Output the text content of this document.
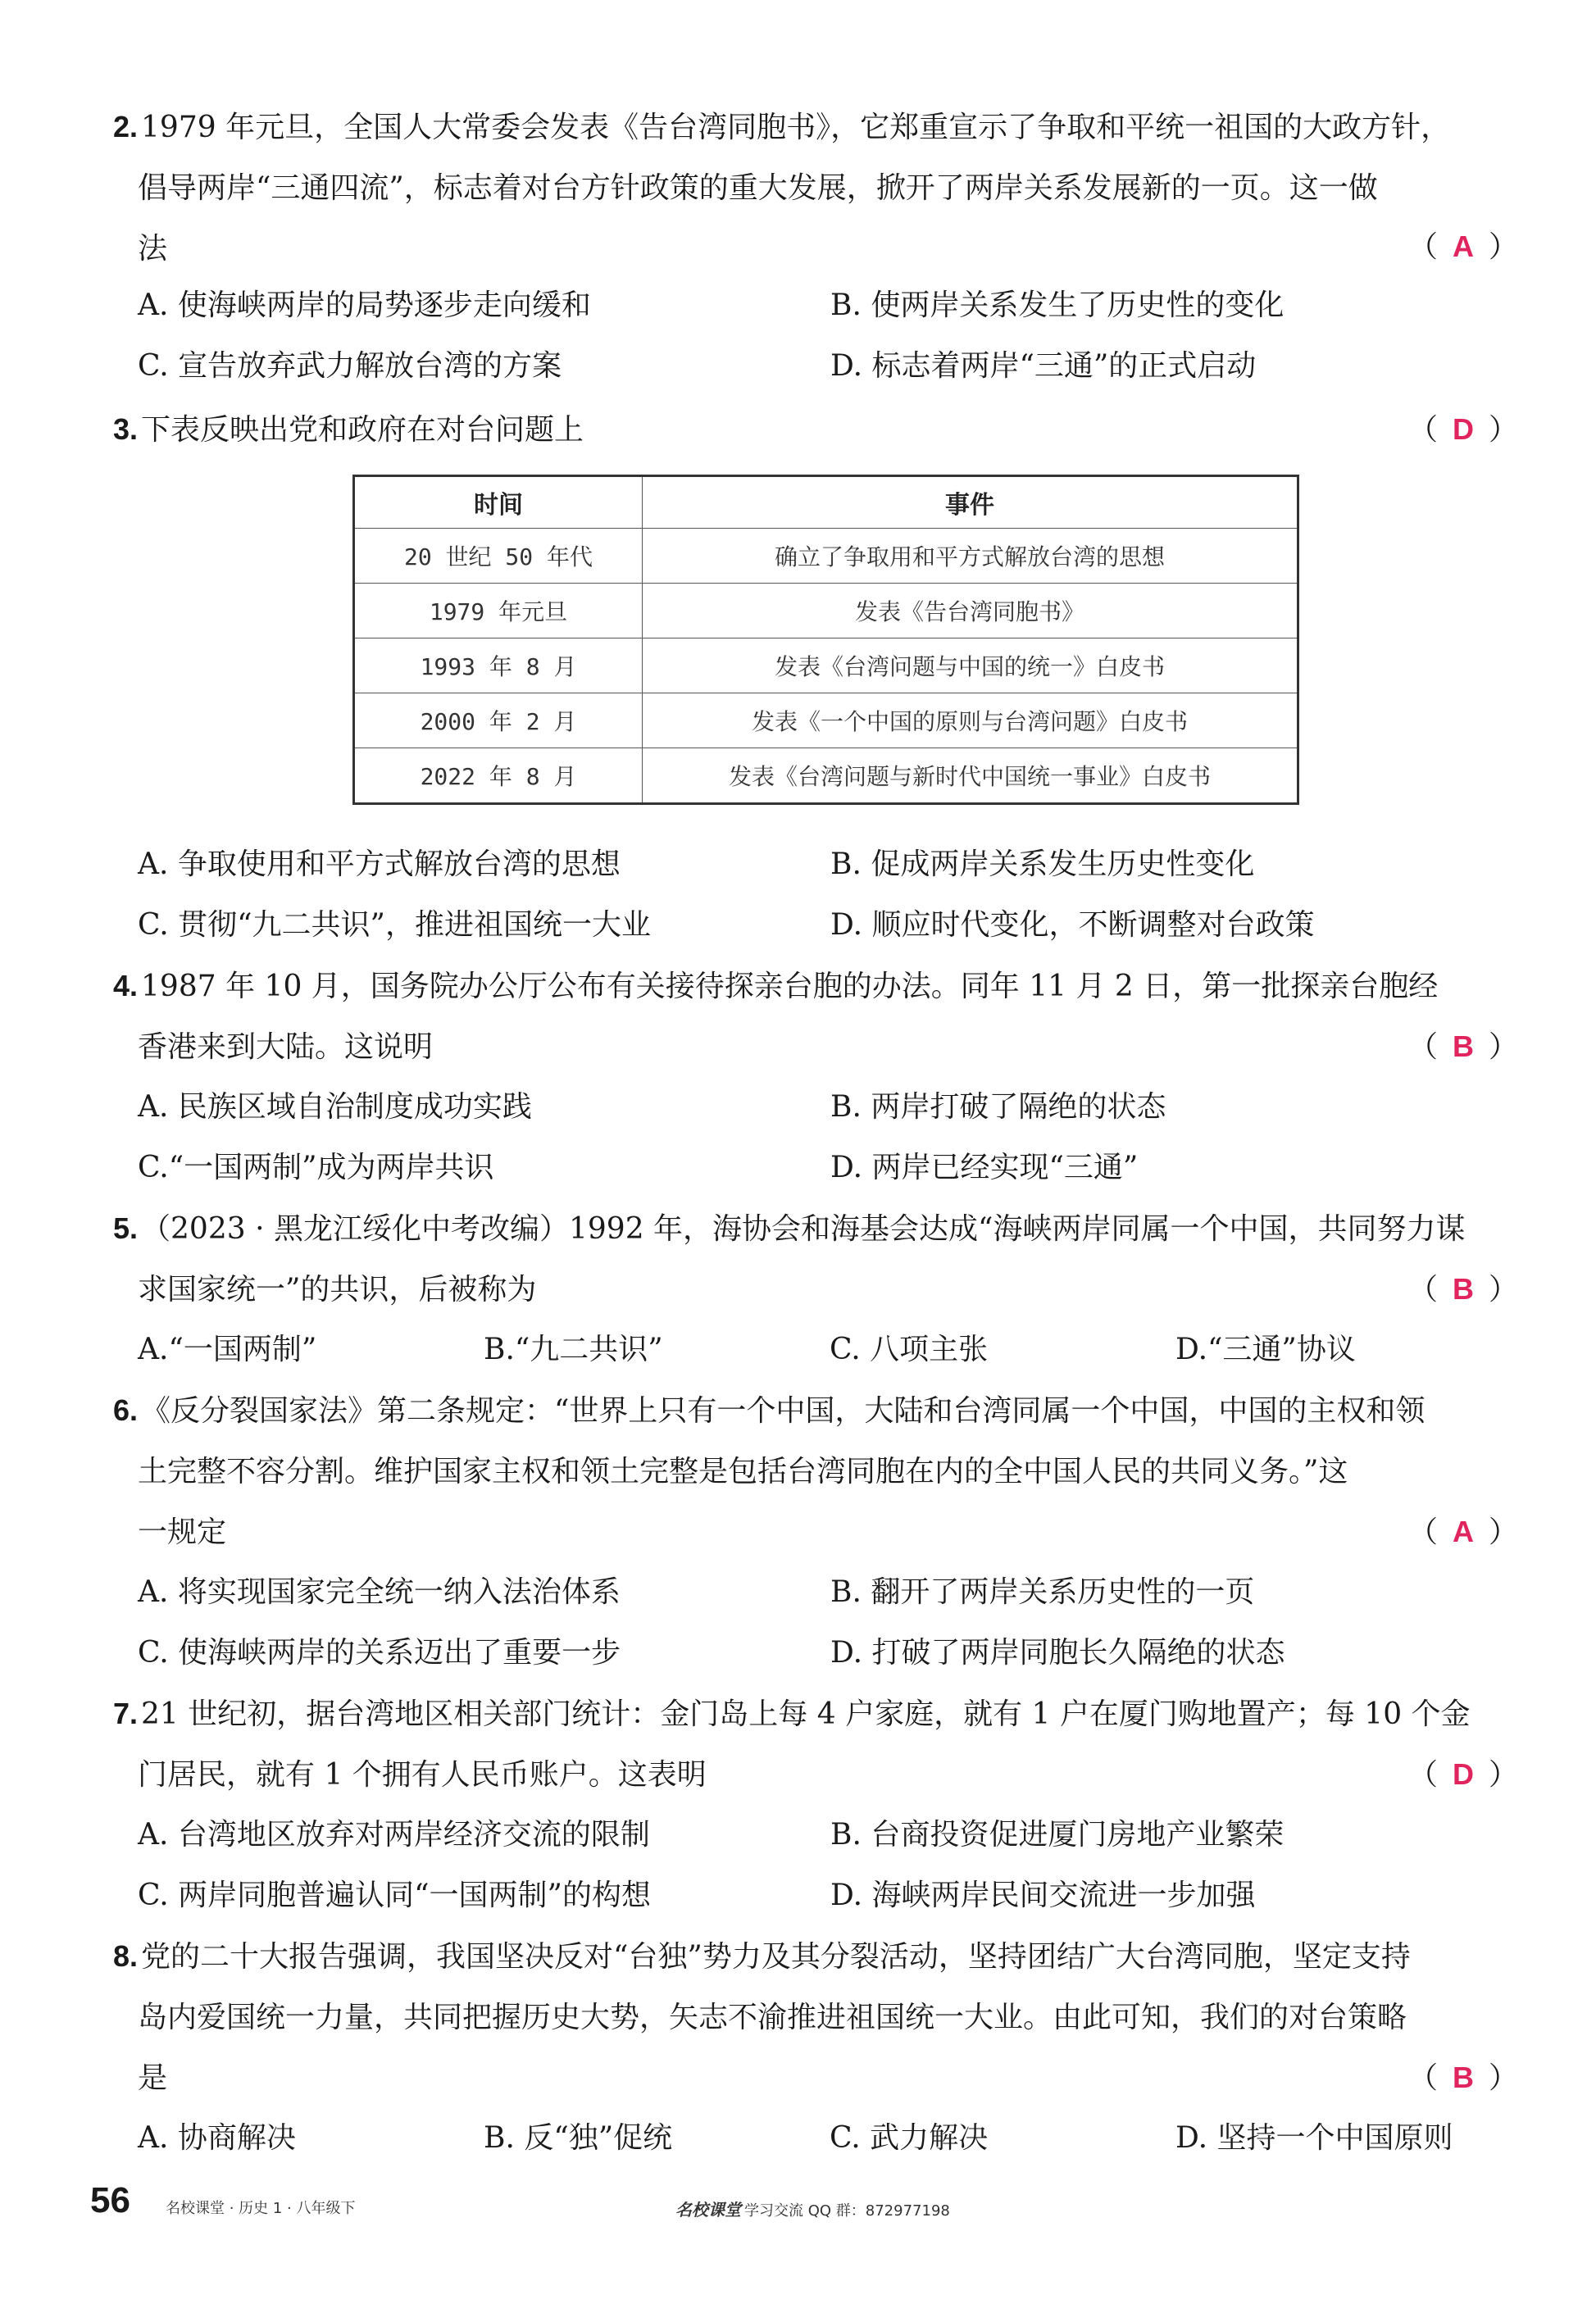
2. 1979 年元旦，全国人大常委会发表《告台湾同胞书》，它郑重宣示了争取和平统一祖国的大政方针，
倡导两岸“三通四流”，标志着对台方针政策的重大发展，掀开了两岸关系发展新的一页。这一做
法	（ A ）
A. 使海峡两岸的局势逐步走向缓和	B. 使两岸关系发生了历史性的变化
C. 宣告放弃武力解放台湾的方案	D. 标志着两岸“三通”的正式启动
3. 下表反映出党和政府在对台问题上	（ D ）
时间	事件
20 世纪 50 年代	确立了争取用和平方式解放台湾的思想
1979 年元旦	发表《告台湾同胞书》
1993 年 8 月	发表《台湾问题与中国的统一》白皮书
2000 年 2 月	发表《一个中国的原则与台湾问题》白皮书
2022 年 8 月	发表《台湾问题与新时代中国统一事业》白皮书
A. 争取使用和平方式解放台湾的思想	B. 促成两岸关系发生历史性变化
C. 贯彻“九二共识”，推进祖国统一大业	D. 顺应时代变化，不断调整对台政策
4. 1987 年 10 月，国务院办公厅公布有关接待探亲台胞的办法。同年 11 月 2 日，第一批探亲台胞经
香港来到大陆。这说明	（ B ）
A. 民族区域自治制度成功实践	B. 两岸打破了隔绝的状态
C.“一国两制”成为两岸共识	D. 两岸已经实现“三通”
5. （2023 · 黑龙江绥化中考改编）1992 年，海协会和海基会达成“海峡两岸同属一个中国，共同努力谋
求国家统一”的共识，后被称为	（ B ）
A.“一国两制”	B.“九二共识”	C. 八项主张	D.“三通”协议
6. 《反分裂国家法》第二条规定：“世界上只有一个中国，大陆和台湾同属一个中国，中国的主权和领
土完整不容分割。维护国家主权和领土完整是包括台湾同胞在内的全中国人民的共同义务。”这
一规定	（ A ）
A. 将实现国家完全统一纳入法治体系	B. 翻开了两岸关系历史性的一页
C. 使海峡两岸的关系迈出了重要一步	D. 打破了两岸同胞长久隔绝的状态
7. 21 世纪初，据台湾地区相关部门统计：金门岛上每 4 户家庭，就有 1 户在厦门购地置产；每 10 个金
门居民，就有 1 个拥有人民币账户。这表明	（ D ）
A. 台湾地区放弃对两岸经济交流的限制	B. 台商投资促进厦门房地产业繁荣
C. 两岸同胞普遍认同“一国两制”的构想	D. 海峡两岸民间交流进一步加强
8. 党的二十大报告强调，我国坚决反对“台独”势力及其分裂活动，坚持团结广大台湾同胞，坚定支持
岛内爱国统一力量，共同把握历史大势，矢志不渝推进祖国统一大业。由此可知，我们的对台策略
是	（ B ）
A. 协商解决	B. 反“独”促统	C. 武力解决	D. 坚持一个中国原则
56 名校课堂 · 历史 1 · 八年级下	名校课堂 学习交流 QQ 群：872977198
